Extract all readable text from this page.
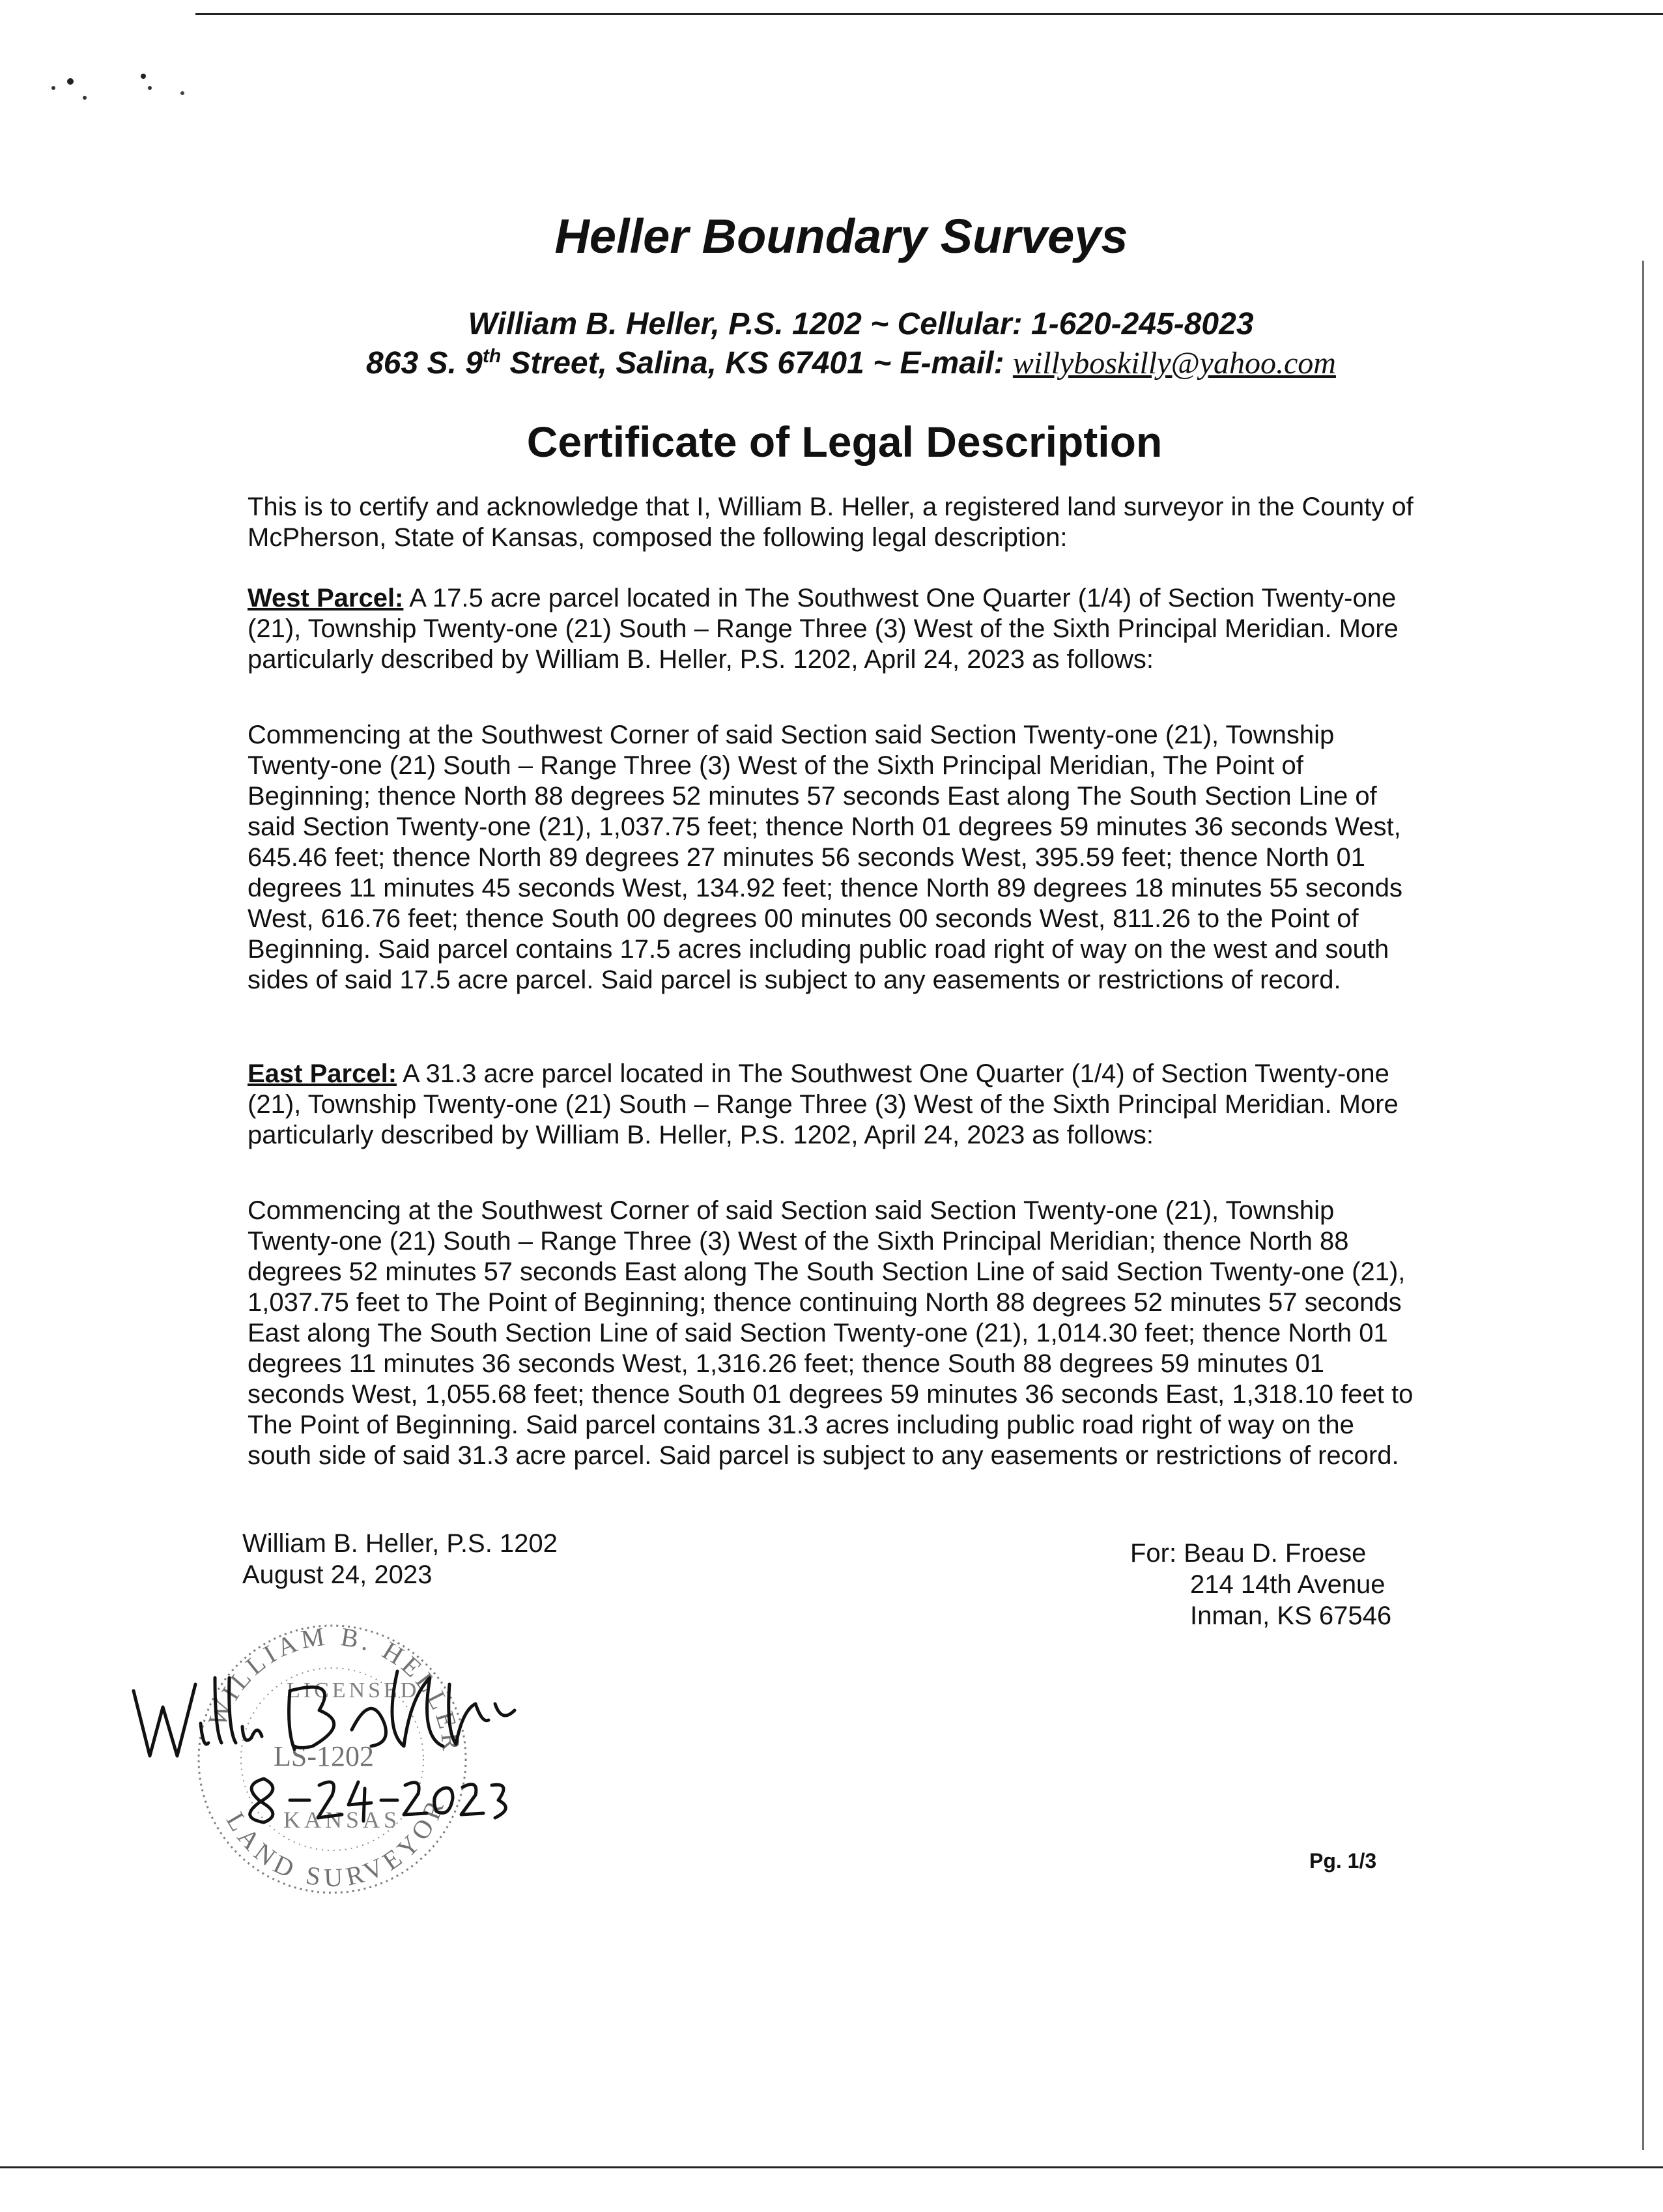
Heller Boundary Surveys
William B. Heller, P.S. 1202 ~ Cellular: 1-620-245-8023
863 S. 9th Street, Salina, KS 67401 ~ E-mail: willyboskilly@yahoo.com
Certificate of Legal Description

This is to certify and acknowledge that I, William B. Heller, a registered land surveyor in the County of McPherson, State of Kansas, composed the following legal description:

West Parcel: A 17.5 acre parcel located in The Southwest One Quarter (1/4) of Section Twenty-one (21), Township Twenty-one (21) South – Range Three (3) West of the Sixth Principal Meridian. More particularly described by William B. Heller, P.S. 1202, April 24, 2023 as follows:

Commencing at the Southwest Corner of said Section said Section Twenty-one (21), Township Twenty-one (21) South – Range Three (3) West of the Sixth Principal Meridian, The Point of Beginning; thence North 88 degrees 52 minutes 57 seconds East along The South Section Line of said Section Twenty-one (21), 1,037.75 feet; thence North 01 degrees 59 minutes 36 seconds West, 645.46 feet; thence North 89 degrees 27 minutes 56 seconds West, 395.59 feet; thence North 01 degrees 11 minutes 45 seconds West, 134.92 feet; thence North 89 degrees 18 minutes 55 seconds West, 616.76 feet; thence South 00 degrees 00 minutes 00 seconds West, 811.26 to the Point of Beginning. Said parcel contains 17.5 acres including public road right of way on the west and south sides of said 17.5 acre parcel. Said parcel is subject to any easements or restrictions of record.

East Parcel: A 31.3 acre parcel located in The Southwest One Quarter (1/4) of Section Twenty-one (21), Township Twenty-one (21) South – Range Three (3) West of the Sixth Principal Meridian. More particularly described by William B. Heller, P.S. 1202, April 24, 2023 as follows:

Commencing at the Southwest Corner of said Section said Section Twenty-one (21), Township Twenty-one (21) South – Range Three (3) West of the Sixth Principal Meridian; thence North 88 degrees 52 minutes 57 seconds East along The South Section Line of said Section Twenty-one (21), 1,037.75 feet to The Point of Beginning; thence continuing North 88 degrees 52 minutes 57 seconds East along The South Section Line of said Section Twenty-one (21), 1,014.30 feet; thence North 01 degrees 11 minutes 36 seconds West, 1,316.26 feet; thence South 88 degrees 59 minutes 01 seconds West, 1,055.68 feet; thence South 01 degrees 59 minutes 36 seconds East, 1,318.10 feet to The Point of Beginning. Said parcel contains 31.3 acres including public road right of way on the south side of said 31.3 acre parcel. Said parcel is subject to any easements or restrictions of record.

William B. Heller, P.S. 1202
August 24, 2023
For: Beau D. Froese
214 14th Avenue
Inman, KS 67546
WILLIAM B. HELLER
LAND SURVEYOR
LICENSED
KANSAS
LS-1202
Pg. 1/3
